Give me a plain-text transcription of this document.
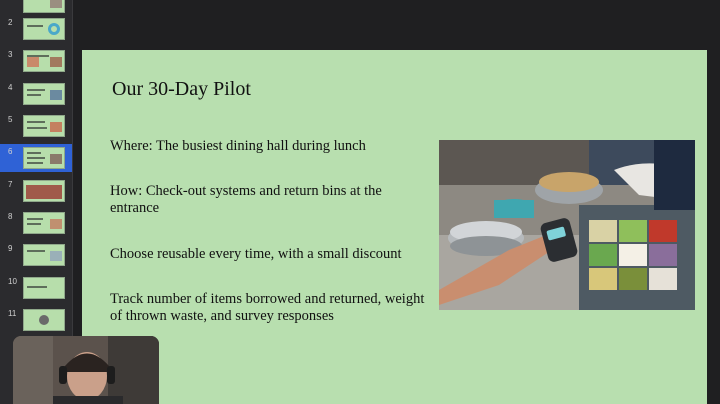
2
3
4
5
6
7
8
9
10
11
Our 30-Day Pilot
Where: The busiest dining hall during lunch
How: Check-out systems and return bins at the entrance
Choose reusable every time, with a small discount
Track number of items borrowed and returned, weight of thrown waste, and survey responses
